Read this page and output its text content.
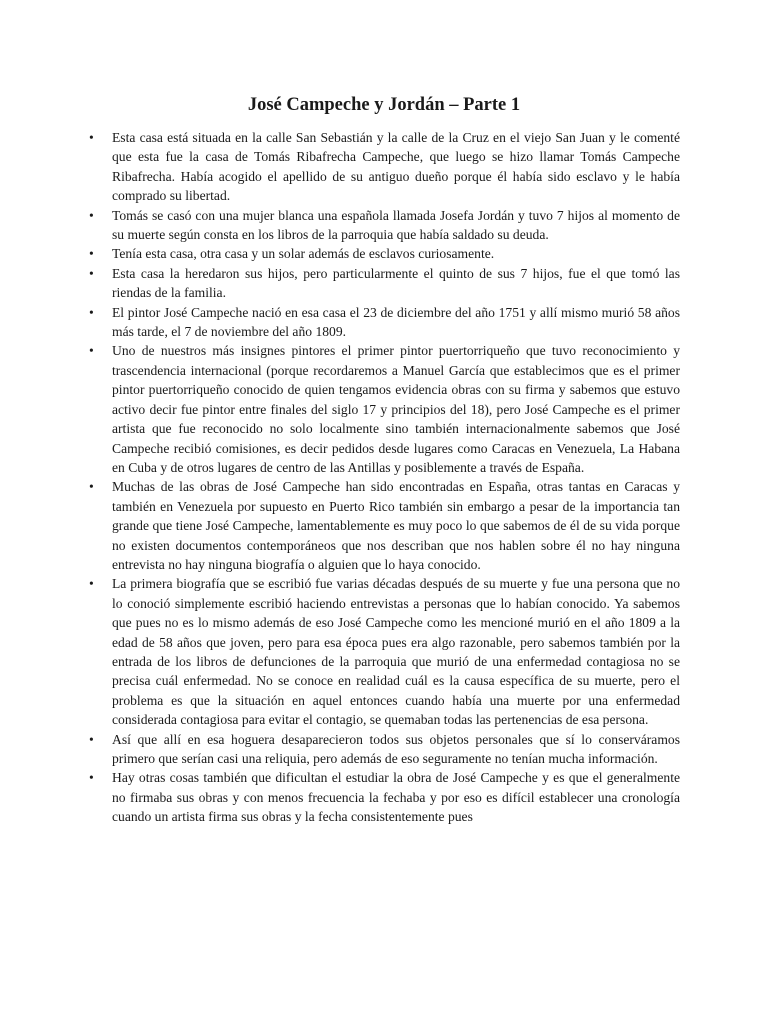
José Campeche y Jordán – Parte 1
• Esta casa está situada en la calle San Sebastián y la calle de la Cruz en el viejo San Juan y le comenté que esta fue la casa de Tomás Ribafrecha Campeche, que luego se hizo llamar Tomás Campeche Ribafrecha. Había acogido el apellido de su antiguo dueño porque él había sido esclavo y le había comprado su libertad.
• Tomás se casó con una mujer blanca una española llamada Josefa Jordán y tuvo 7 hijos al momento de su muerte según consta en los libros de la parroquia que había saldado su deuda.
• Tenía esta casa, otra casa y un solar además de esclavos curiosamente.
• Esta casa la heredaron sus hijos, pero particularmente el quinto de sus 7 hijos, fue el que tomó las riendas de la familia.
• El pintor José Campeche nació en esa casa el 23 de diciembre del año 1751 y allí mismo murió 58 años más tarde, el 7 de noviembre del año 1809.
• Uno de nuestros más insignes pintores el primer pintor puertorriqueño que tuvo reconocimiento y trascendencia internacional (porque recordaremos a Manuel García que establecimos que es el primer pintor puertorriqueño conocido de quien tengamos evidencia obras con su firma y sabemos que estuvo activo decir fue pintor entre finales del siglo 17 y principios del 18), pero José Campeche es el primer artista que fue reconocido no solo localmente sino también internacionalmente sabemos que José Campeche recibió comisiones, es decir pedidos desde lugares como Caracas en Venezuela, La Habana en Cuba y de otros lugares de centro de las Antillas y posiblemente a través de España.
• Muchas de las obras de José Campeche han sido encontradas en España, otras tantas en Caracas y también en Venezuela por supuesto en Puerto Rico también sin embargo a pesar de la importancia tan grande que tiene José Campeche, lamentablemente es muy poco lo que sabemos de él de su vida porque no existen documentos contemporáneos que nos describan que nos hablen sobre él no hay ninguna entrevista no hay ninguna biografía o alguien que lo haya conocido.
• La primera biografía que se escribió fue varias décadas después de su muerte y fue una persona que no lo conoció simplemente escribió haciendo entrevistas a personas que lo habían conocido. Ya sabemos que pues no es lo mismo además de eso José Campeche como les mencioné murió en el año 1809 a la edad de 58 años que joven, pero para esa época pues era algo razonable, pero sabemos también por la entrada de los libros de defunciones de la parroquia que murió de una enfermedad contagiosa no se precisa cuál enfermedad. No se conoce en realidad cuál es la causa específica de su muerte, pero el problema es que la situación en aquel entonces cuando había una muerte por una enfermedad considerada contagiosa para evitar el contagio, se quemaban todas las pertenencias de esa persona.
• Así que allí en esa hoguera desaparecieron todos sus objetos personales que sí lo conserváramos primero que serían casi una reliquia, pero además de eso seguramente no tenían mucha información.
• Hay otras cosas también que dificultan el estudiar la obra de José Campeche y es que el generalmente no firmaba sus obras y con menos frecuencia la fechaba y por eso es difícil establecer una cronología cuando un artista firma sus obras y la fecha consistentemente pues
